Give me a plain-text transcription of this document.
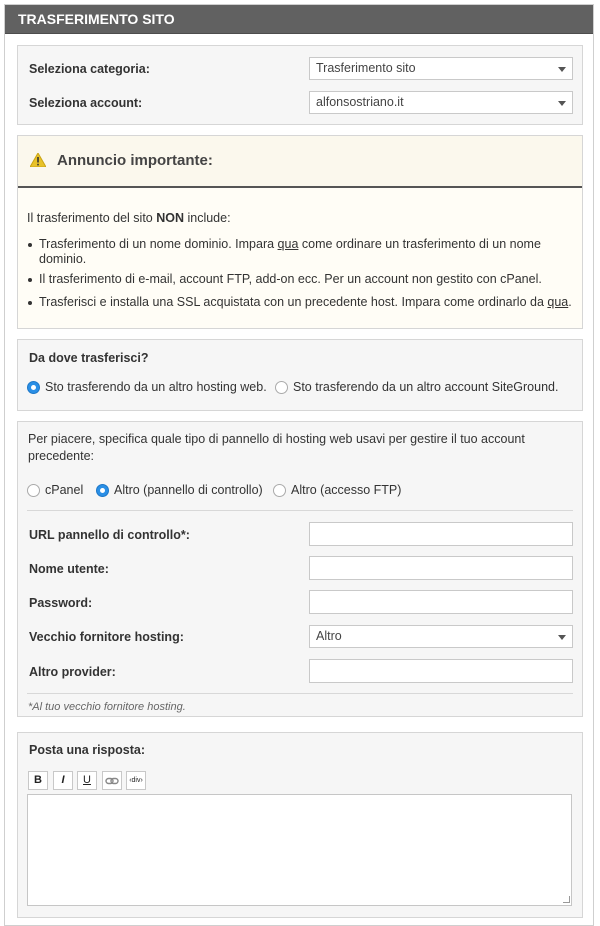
TRASFERIMENTO SITO
Seleziona categoria:	Trasferimento sito
Seleziona account:	alfonsostriano.it
Annuncio importante:
Il trasferimento del sito NON include:
Trasferimento di un nome dominio. Impara qua come ordinare un trasferimento di un nome
dominio.
Il trasferimento di e-mail, account FTP, add-on ecc. Per un account non gestito con cPanel.
Trasferisci e installa una SSL acquistata con un precedente host. Impara come ordinarlo da qua.
Da dove trasferisci?
Sto trasferendo da un altro hosting web. Sto trasferendo da un altro account SiteGround.
Per piacere, specifica quale tipo di pannello di hosting web usavi per gestire il tuo account
precedente:
cPanel Altro (pannello di controllo) Altro (accesso FTP)
URL pannello di controllo*:
Nome utente:
Password:
Vecchio fornitore hosting:	Altro
Altro provider:
*Al tuo vecchio fornitore hosting.
Posta una risposta:
B	I	U	‹div›
